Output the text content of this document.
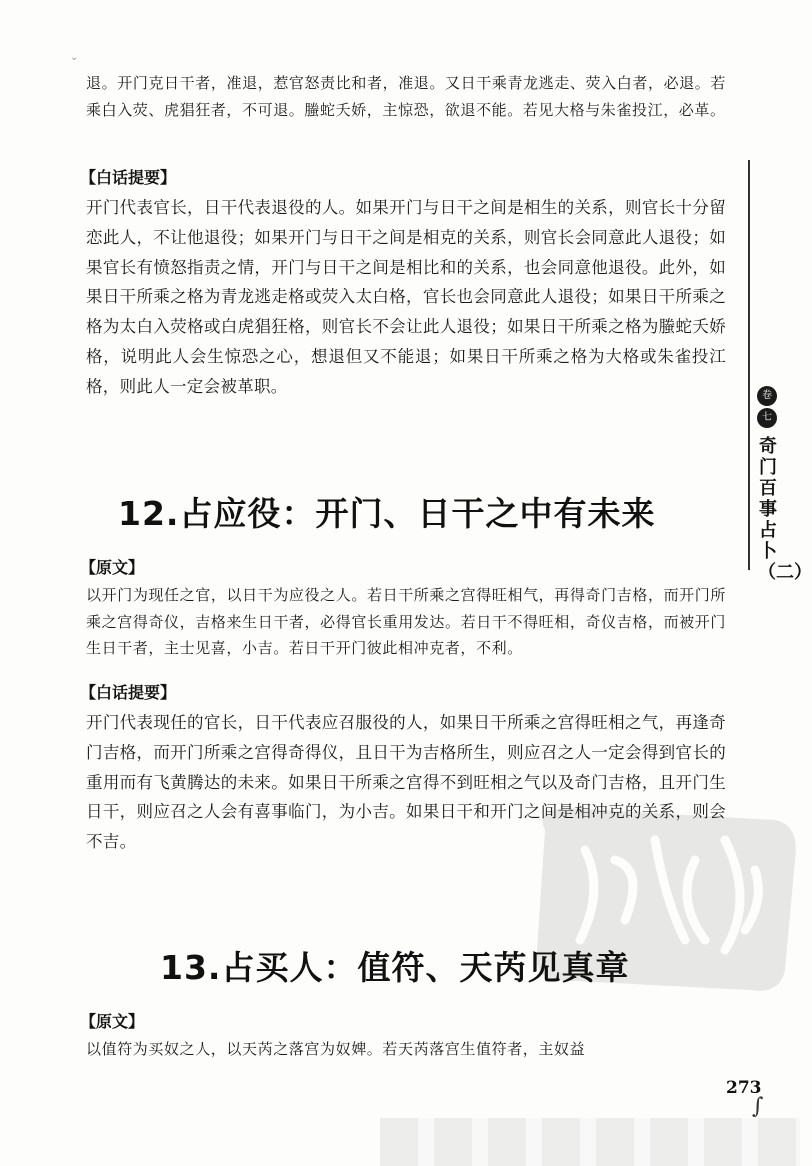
⌄

退。开门克日干者，准退，惹官怒责比和者，准退。又日干乘青龙逃走、荧入白者，必退。若乘白入荧、虎猖狂者，不可退。螣蛇夭娇，主惊恐，欲退不能。若见大格与朱雀投江，必革。

【白话提要】

开门代表官长，日干代表退役的人。如果开门与日干之间是相生的关系，则官长十分留恋此人，不让他退役；如果开门与日干之间是相克的关系，则官长会同意此人退役；如果官长有愤怒指责之情，开门与日干之间是相比和的关系，也会同意他退役。此外，如果日干所乘之格为青龙逃走格或荧入太白格，官长也会同意此人退役；如果日干所乘之格为太白入荧格或白虎猖狂格，则官长不会让此人退役；如果日干所乘之格为螣蛇夭娇格，说明此人会生惊恐之心，想退但又不能退；如果日干所乘之格为大格或朱雀投江格，则此人一定会被革职。

12.占应役：开门、日干之中有未来
【原文】

以开门为现任之官，以日干为应役之人。若日干所乘之宫得旺相气，再得奇门吉格，而开门所乘之宫得奇仪，吉格来生日干者，必得官长重用发达。若日干不得旺相，奇仪吉格，而被开门生日干者，主士见喜，小吉。若日干开门彼此相冲克者，不利。

【白话提要】

开门代表现任的官长，日干代表应召服役的人，如果日干所乘之宫得旺相之气，再逢奇门吉格，而开门所乘之宫得奇得仪，且日干为吉格所生，则应召之人一定会得到官长的重用而有飞黄腾达的未来。如果日干所乘之宫得不到旺相之气以及奇门吉格，且开门生日干，则应召之人会有喜事临门，为小吉。如果日干和开门之间是相冲克的关系，则会不吉。

13.占买人：值符、天芮见真章
【原文】

以值符为买奴之人，以天芮之落宫为奴婢。若天芮落宫生值符者，主奴益

卷
七
奇门百事占卜（二）
273
∫
